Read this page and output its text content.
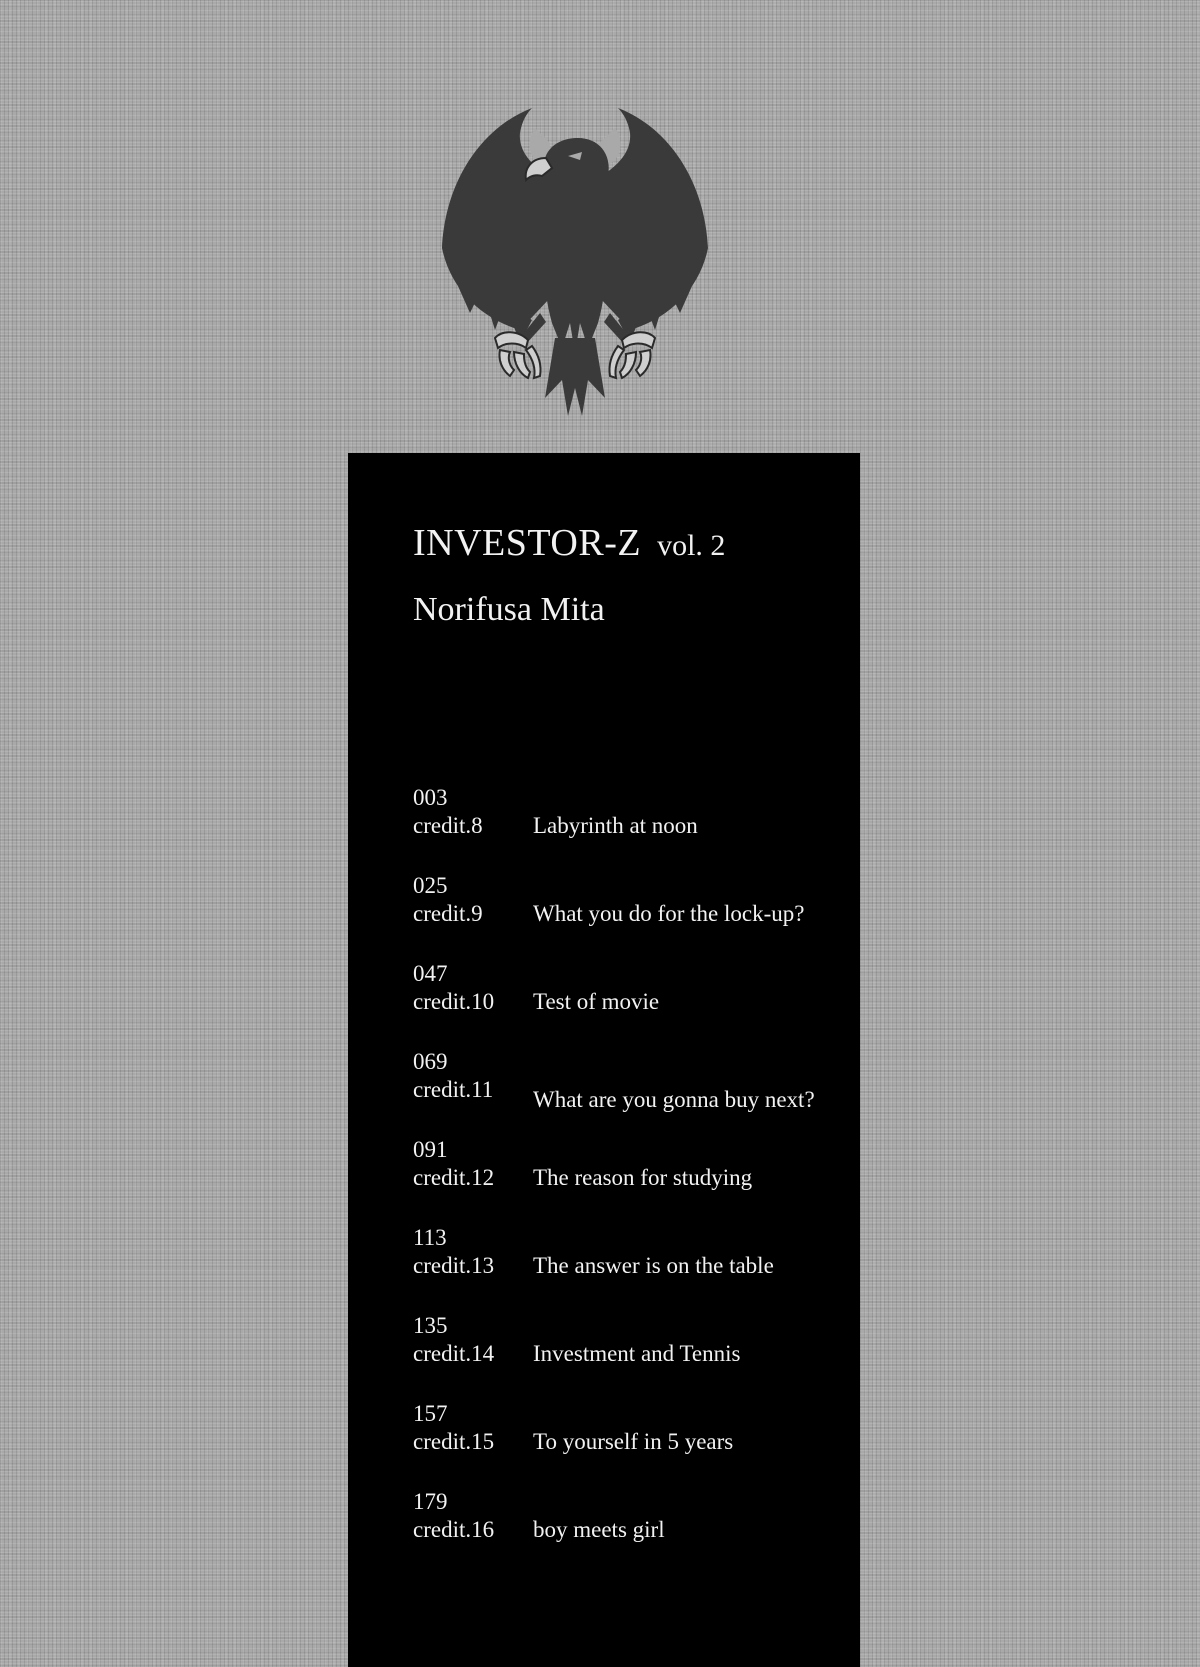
INVESTOR-Z vol. 2
Norifusa Mita
003
credit.8 Labyrinth at noon
025
credit.9 What you do for the lock-up?
047
credit.10 Test of movie
069
credit.11 What are you gonna buy next?
091
credit.12 The reason for studying
113
credit.13 The answer is on the table
135
credit.14 Investment and Tennis
157
credit.15 To yourself in 5 years
179
credit.16 boy meets girl
